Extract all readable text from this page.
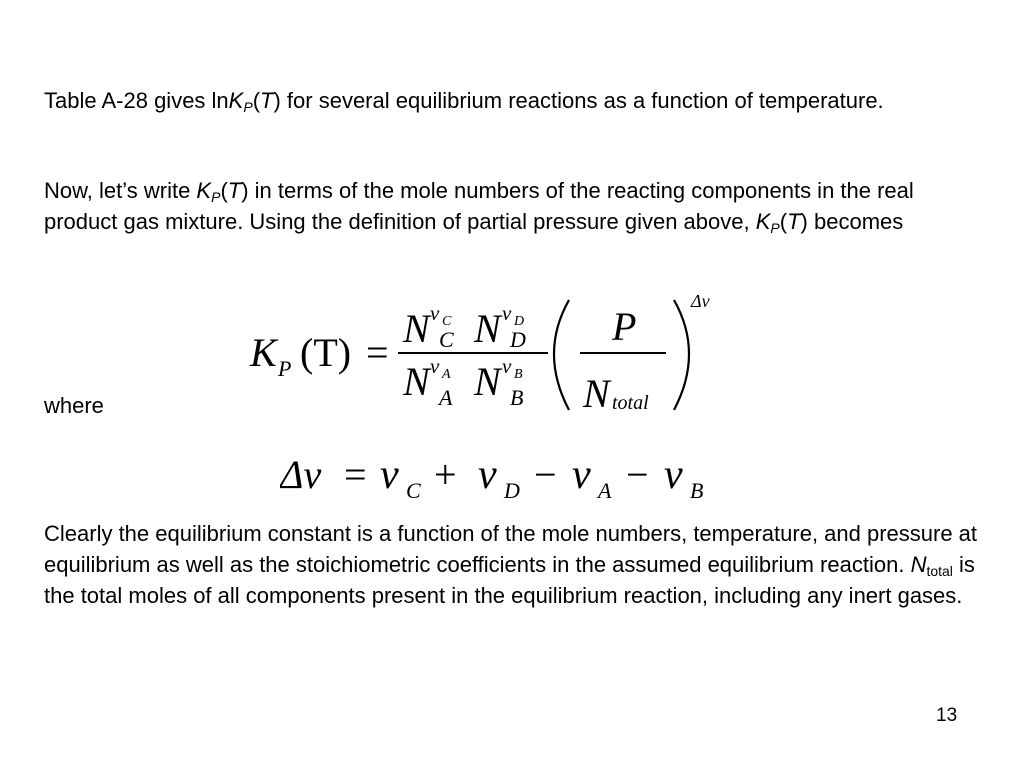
Table A-28 gives lnK$_P$(T) for several equilibrium reactions as a function of temperature.

Now, let’s write $K_P(T)$ in terms of the mole numbers of the reacting components in the real product gas mixture. Using the definition of partial pressure given above, $K_P(T)$ becomes

K P (T) =
N ν C
C N ν D
D
N ν A
A N ν B
B
P
N total
Δν

where

Δν = ν C + ν D − ν A − ν B

Clearly the equilibrium constant is a function of the mole numbers, temperature, and pressure at equilibrium as well as the stoichiometric coefficients in the assumed equilibrium reaction. $N_{total}$ is the total moles of all components present in the equilibrium reaction, including any inert gases.

13
